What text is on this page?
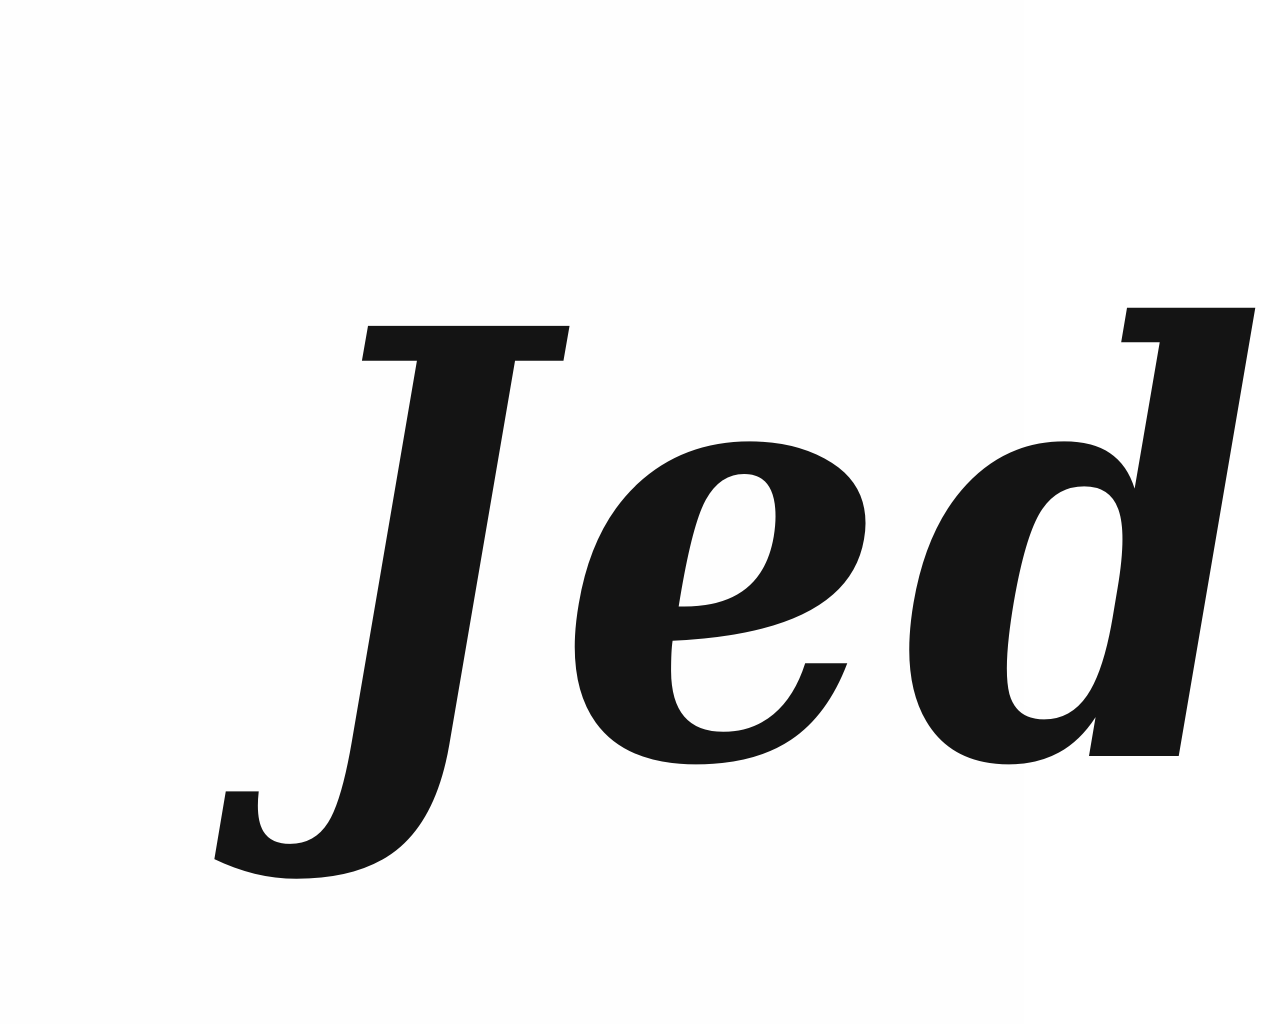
Jed
